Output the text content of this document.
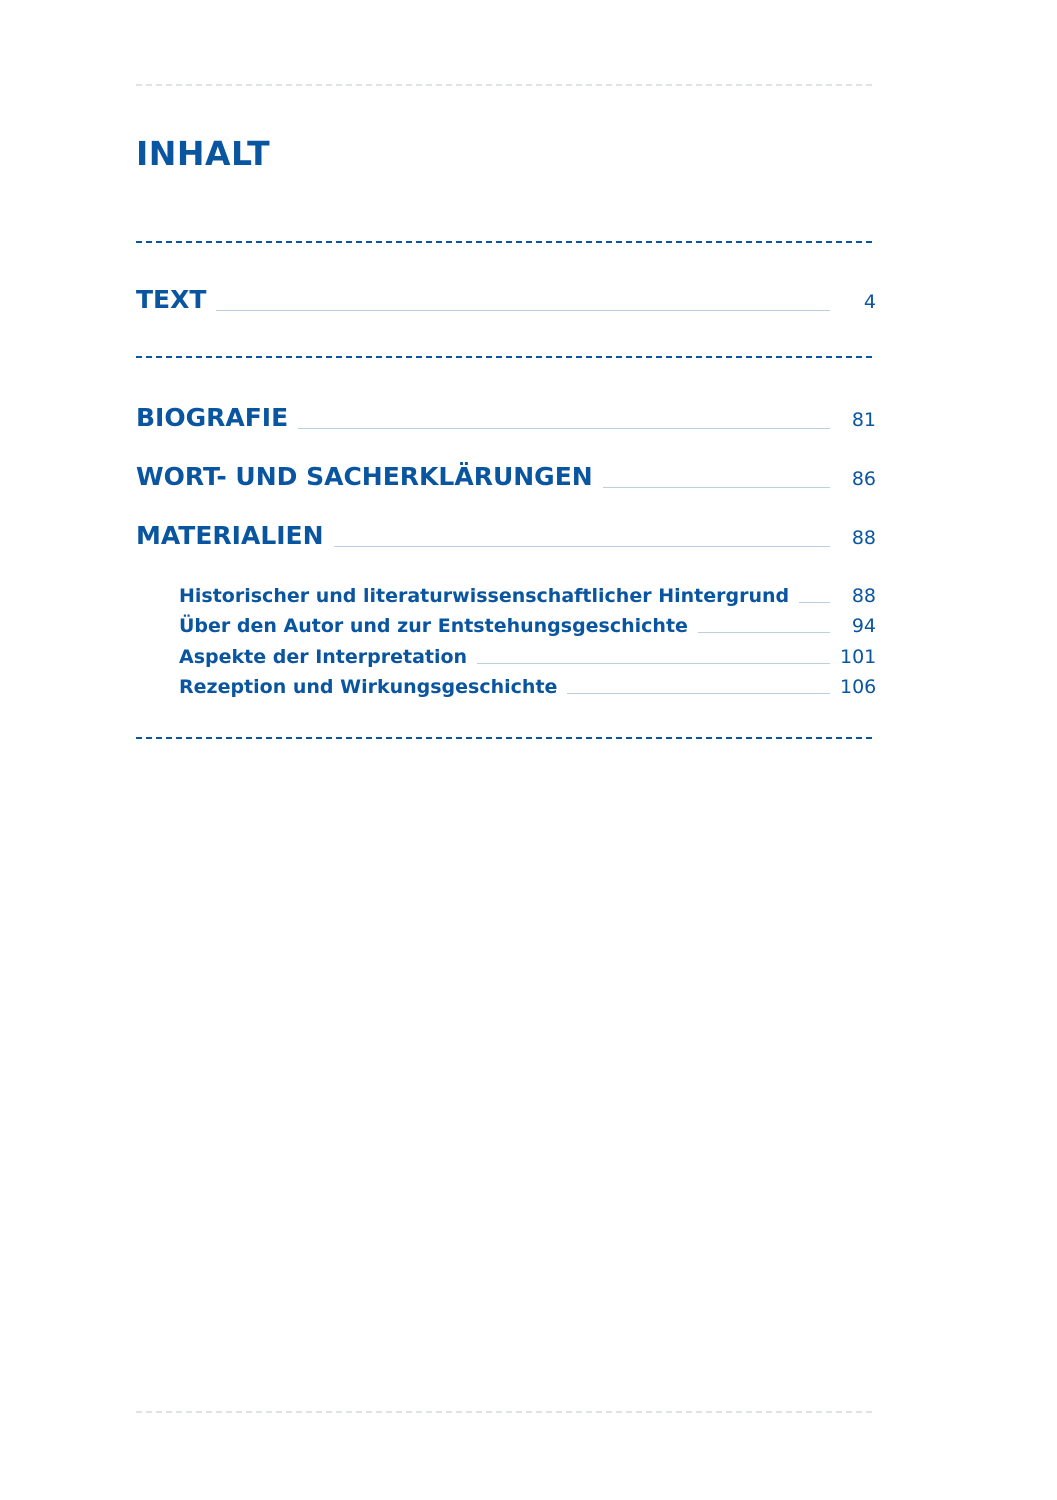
INHALT
TEXT	4
BIOGRAFIE	81
WORT- UND SACHERKLÄRUNGEN	86
MATERIALIEN	88
Historischer und literaturwissenschaftlicher Hintergrund	88
Über den Autor und zur Entstehungsgeschichte	94
Aspekte der Interpretation	101
Rezeption und Wirkungsgeschichte	106
